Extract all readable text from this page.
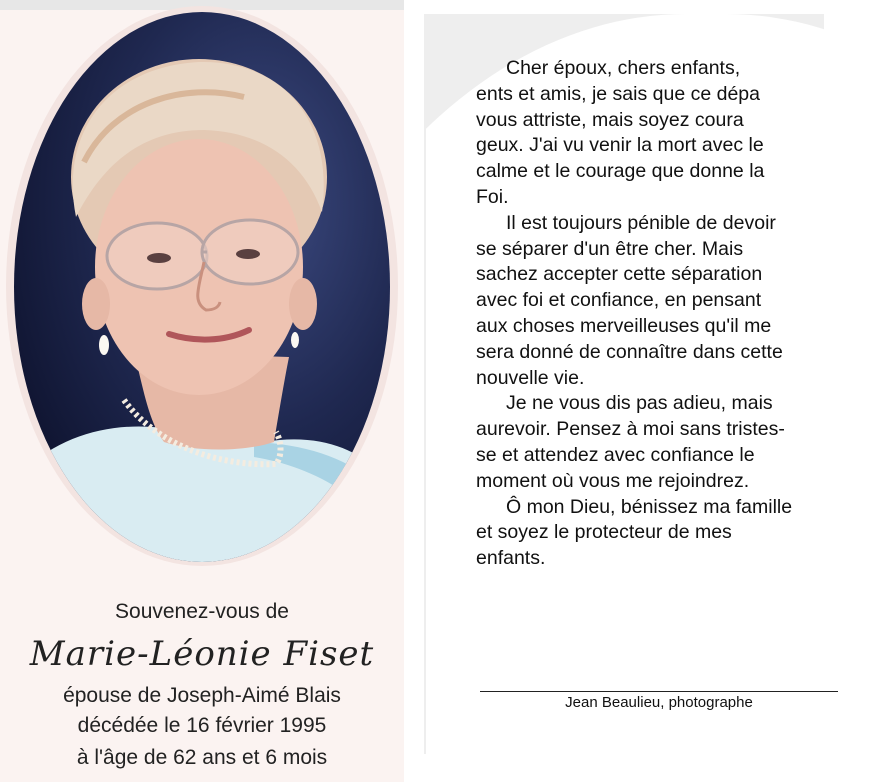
Souvenez-vous de
Marie-Léonie Fiset
épouse de Joseph-Aimé Blais
décédée le 16 février 1995
à l'âge de 62 ans et 6 mois

Cher époux, chers enfants,

ents et amis, je sais que ce dépa

vous attriste, mais soyez coura

geux. J'ai vu venir la mort avec le

calme et le courage que donne la

Foi.

Il est toujours pénible de devoir

se séparer d'un être cher. Mais

sachez accepter cette séparation

avec foi et confiance, en pensant

aux choses merveilleuses qu'il me

sera donné de connaître dans cette

nouvelle vie.

Je ne vous dis pas adieu, mais

aurevoir. Pensez à moi sans tristes-

se et attendez avec confiance le

moment où vous me rejoindrez.

Ô mon Dieu, bénissez ma famille

et soyez le protecteur de mes

enfants.

Jean Beaulieu, photographe
